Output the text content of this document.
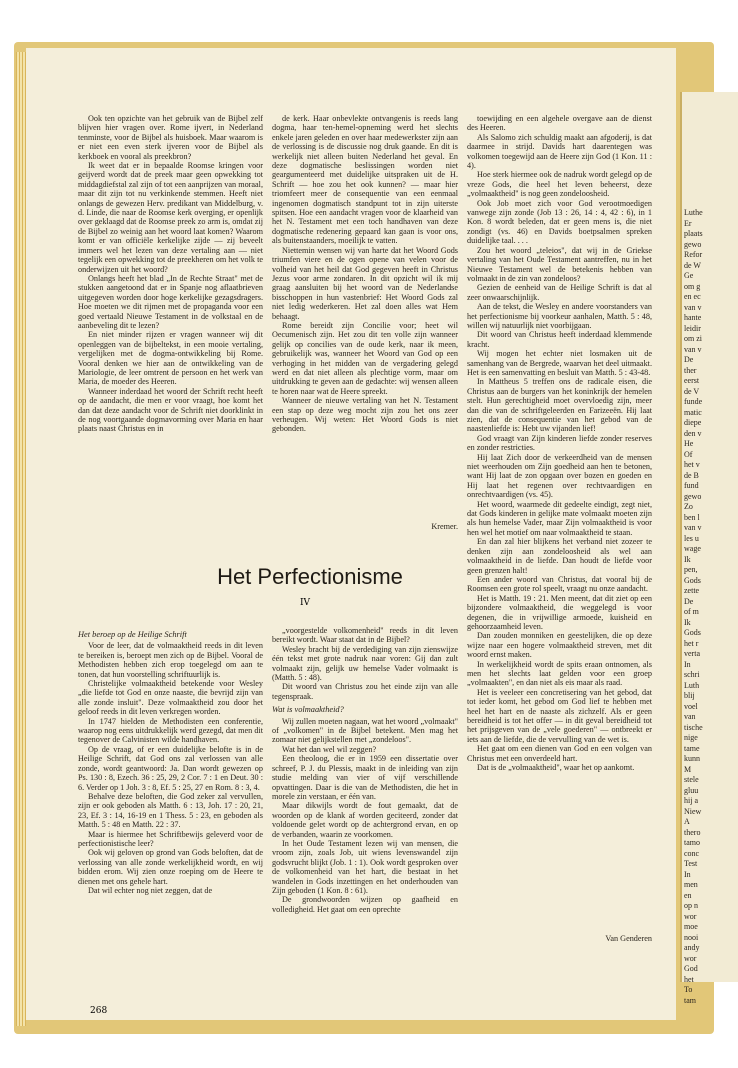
Ook ten opzichte van het gebruik van de Bijbel zelf blijven hier vragen over. Rome ijvert, in Nederland tenminste, voor de Bijbel als huisboek. Maar waarom is er niet een even sterk ijveren voor de Bijbel als kerkboek en vooral als preekbron?

Ik weet dat er in bepaalde Roomse kringen voor geijverd wordt dat de preek maar geen opwekking tot middagdiefstal zal zijn of tot een aanprijzen van moraal, maar dit zijn tot nu verkinkende stemmen. Heeft niet onlangs de gewezen Herv. predikant van Middelburg, v. d. Linde, die naar de Roomse kerk overging, er openlijk over geklaagd dat de Roomse preek zo arm is, omdat zij de Bijbel zo weinig aan het woord laat komen? Waarom komt er van officiële kerkelijke zijde — zij beveelt immers wel het lezen van deze vertaling aan — niet tegelijk een opwekking tot de preekheren om het volk te onderwijzen uit het woord?

Onlangs heeft het blad „In de Rechte Straat" met de stukken aangetoond dat er in Spanje nog aflaatbrieven uitgegeven worden door hoge kerkelijke gezagsdragers. Hoe moeten we dit rijmen met de propaganda voor een goed vertaald Nieuwe Testament in de volkstaal en de aanbeveling dit te lezen?

En niet minder rijzen er vragen wanneer wij dit openleggen van de bijbeltekst, in een mooie vertaling, vergelijken met de dogma-ontwikkeling bij Rome. Vooral denken we hier aan de ontwikkeling van de Mariologie, de leer omtrent de persoon en het werk van Maria, de moeder des Heeren.

Wanneer inderdaad het woord der Schrift recht heeft op de aandacht, die men er voor vraagt, hoe komt het dan dat deze aandacht voor de Schrift niet doorklinkt in de nog voortgaande dogmavorming over Maria en haar plaats naast Christus en in

de kerk. Haar onbevlekte ontvangenis is reeds lang dogma, haar ten-hemel-opneming werd het slechts enkele jaren geleden en over haar medewerkster zijn aan de verlossing is de discussie nog druk gaande. En dit is werkelijk niet alleen buiten Nederland het geval. En deze dogmatische beslissingen worden niet geargumenteerd met duidelijke uitspraken uit de H. Schrift — hoe zou het ook kunnen? — maar hier triomfeert meer de consequentie van een eenmaal ingenomen dogmatisch standpunt tot in zijn uiterste spitsen. Hoe een aandacht vragen voor de klaarheid van het N. Testament met een toch handhaven van deze dogmatische redenering gepaard kan gaan is voor ons, als buitenstaanders, moeilijk te vatten.

Niettemin wensen wij van harte dat het Woord Gods triumfen viere en de ogen opene van velen voor de volheid van het heil dat God gegeven heeft in Christus Jezus voor arme zondaren. In dit opzicht wil ik mij graag aansluiten bij het woord van de Nederlandse bisschoppen in hun vastenbrief: Het Woord Gods zal niet ledig wederkeren. Het zal doen alles wat Hem behaagt.

Rome bereidt zijn Concilie voor; heet wil Oecumenisch zijn. Het zou dit ten volle zijn wanneer gelijk op concilies van de oude kerk, naar ik meen, gebruikelijk was, wanneer het Woord van God op een verhoging in het midden van de vergadering gelegd werd en dat niet alleen als plechtige vorm, maar om uitdrukking te geven aan de gedachte: wij wensen alleen te horen naar wat de Heere spreekt.

Wanneer de nieuwe vertaling van het N. Testament een stap op deze weg mocht zijn zou het ons zeer verheugen. Wij weten: Het Woord Gods is niet gebonden.

Kremer.
Het beroep op de Heilige Schrift

Voor de leer, dat de volmaaktheid reeds in dit leven te bereiken is, beroept men zich op de Bijbel. Vooral de Methodisten hebben zich erop toegelegd om aan te tonen, dat hun voorstelling schriftuurlijk is.

Christelijke volmaaktheid betekende voor Wesley „die liefde tot God en onze naaste, die bevrijd zijn van alle zonde insluit". Deze volmaaktheid zou door het geloof reeds in dit leven verkregen worden.

In 1747 hielden de Methodisten een conferentie, waarop nog eens uitdrukkelijk werd gezegd, dat men dit tegenover de Calvinisten wilde handhaven.

Op de vraag, of er een duidelijke belofte is in de Heilige Schrift, dat God ons zal verlossen van alle zonde, wordt geantwoord: Ja. Dan wordt gewezen op Ps. 130 : 8, Ezech. 36 : 25, 29, 2 Cor. 7 : 1 en Deut. 30 : 6. Verder op 1 Joh. 3 : 8, Ef. 5 : 25, 27 en Rom. 8 : 3, 4.

Behalve deze beloften, die God zeker zal vervullen, zijn er ook geboden als Matth. 6 : 13, Joh. 17 : 20, 21, 23, Ef. 3 : 14, 16-19 en 1 Thess. 5 : 23, en geboden als Matth. 5 : 48 en Matth. 22 : 37.

Maar is hiermee het Schriftbewijs geleverd voor de perfectionistische leer?

Ook wij geloven op grond van Gods beloften, dat de verlossing van alle zonde werkelijkheid wordt, en wij bidden erom. Wij zien onze roeping om de Heere te dienen met ons gehele hart.

Dat wil echter nog niet zeggen, dat de

„voorgestelde volkomenheid" reeds in dit leven bereikt wordt. Waar staat dat in de Bijbel?

Wesley bracht bij de verdediging van zijn zienswijze één tekst met grote nadruk naar voren: Gij dan zult volmaakt zijn, gelijk uw hemelse Vader volmaakt is (Matth. 5 : 48).

Dit woord van Christus zou het einde zijn van alle tegenspraak.

Wat is volmaaktheid?

Wij zullen moeten nagaan, wat het woord „volmaakt" of „volkomen" in de Bijbel betekent. Men mag het zomaar niet gelijkstellen met „zondeloos".

Wat het dan wel wil zeggen?

Een theoloog, die er in 1959 een dissertatie over schreef, P. J. du Plessis, maakt in de inleiding van zijn studie melding van vier of vijf verschillende opvattingen. Daar is die van de Methodisten, die het in morele zin verstaan, er één van.

Maar dikwijls wordt de fout gemaakt, dat de woorden op de klank af worden geciteerd, zonder dat voldoende gelet wordt op de achtergrond ervan, en op de verbanden, waarin ze voorkomen.

In het Oude Testament lezen wij van mensen, die vroom zijn, zoals Job, uit wiens levenswandel zijn godsvrucht blijkt (Job. 1 : 1). Ook wordt gesproken over de volkomenheid van het hart, die bestaat in het wandelen in Gods inzettingen en het onderhouden van Zijn geboden (1 Kon. 8 : 61).

De grondwoorden wijzen op gaafheid en volledigheid. Het gaat om een oprechte

toewijding en een algehele overgave aan de dienst des Heeren.

Als Salomo zich schuldig maakt aan afgoderij, is dat daarmee in strijd. Davids hart daarentegen was volkomen toegewijd aan de Heere zijn God (1 Kon. 11 : 4).

Hoe sterk hiermee ook de nadruk wordt gelegd op de vreze Gods, die heel het leven beheerst, deze „volmaaktheid" is nog geen zondeloosheid.

Ook Job moet zich voor God verootmoedigen vanwege zijn zonde (Job 13 : 26, 14 : 4, 42 : 6), in 1 Kon. 8 wordt beleden, dat er geen mens is, die niet zondigt (vs. 46) en Davids boetpsalmen spreken duidelijke taal. . . .

Zou het woord „teleios", dat wij in de Griekse vertaling van het Oude Testament aantreffen, nu in het Nieuwe Testament wel de betekenis hebben van volmaakt in de zin van zondeloos?

Gezien de eenheid van de Heilige Schrift is dat al zeer onwaarschijnlijk.

Aan de tekst, die Wesley en andere voorstanders van het perfectionisme bij voorkeur aanhalen, Matth. 5 : 48, willen wij natuurlijk niet voorbijgaan.

Dit woord van Christus heeft inderdaad klemmende kracht.

Wij mogen het echter niet losmaken uit de samenhang van de Bergrede, waarvan het deel uitmaakt. Het is een samenvatting en besluit van Matth. 5 : 43-48.

In Mattheus 5 treffen ons de radicale eisen, die Christus aan de burgers van het koninkrijk der hemelen stelt. Hun gerechtigheid moet overvloedig zijn, meer dan die van de schriftgeleerden en Farizeeën. Hij laat zien, dat de consequentie van het gebod van de naastenliefde is: Hebt uw vijanden lief!

God vraagt van Zijn kinderen liefde zonder reserves en zonder restricties.

Hij laat Zich door de verkeerdheid van de mensen niet weerhouden om Zijn goedheid aan hen te betonen, want Hij laat de zon opgaan over bozen en goeden en Hij laat het regenen over rechtvaardigen en onrechtvaardigen (vs. 45).

Het woord, waarmede dit gedeelte eindigt, zegt niet, dat Gods kinderen in gelijke mate volmaakt moeten zijn als hun hemelse Vader, maar Zijn volmaaktheid is voor hen wel het motief om naar volmaaktheid te staan.

En dan zal hier blijkens het verband niet zozeer te denken zijn aan zondeloosheid als wel aan volmaaktheid in de liefde. Dan houdt de liefde voor geen grenzen halt!

Een ander woord van Christus, dat vooral bij de Roomsen een grote rol speelt, vraagt nu onze aandacht.

Het is Matth. 19 : 21. Men meent, dat dit ziet op een bijzondere volmaaktheid, die weggelegd is voor degenen, die in vrijwillige armoede, kuisheid en gehoorzaamheid leven.

Dan zouden monniken en geestelijken, die op deze wijze naar een hogere volmaaktheid streven, met dit woord ernst maken.

In werkelijkheid wordt de spits eraan ontnomen, als men het slechts laat gelden voor een groep „volmaakten", en dan niet als eis maar als raad.

Het is veeleer een concretisering van het gebod, dat tot ieder komt, het gebod om God lief te hebben met heel het hart en de naaste als zichzelf. Als er geen bereidheid is tot het offer — in dit geval bereidheid tot het prijsgeven van de „vele goederen" — ontbreekt er iets aan de liefde, die de vervulling van de wet is.

Het gaat om een dienen van God en een volgen van Christus met een onverdeeld hart.

Dat is de „volmaaktheid", waar het op aankomt.

Van Genderen
Het Perfectionisme
IV
268
Luthe
Er
plaats
gewo
Refor
de W
Ge
om g
en ec
van v
hante
leidir
om zi
van v
De
ther
eerst
de V
funde
matic
diepe
den v
He
Of
het v
de B
fund
gewo
Zo
ben l
van v
les u
wage
Ik
pen,
Gods
zette
De
of m
Ik
Gods
het r
verta
In
schri
Luth
blij
voel
van
tische
nige
tame
kunn
M
stele
gluu
hij a
Niew
A
thero
tamo
conc
Test
In
men
en
op n
wor
moe
nooi
andy
wor
God
het
To
tam
